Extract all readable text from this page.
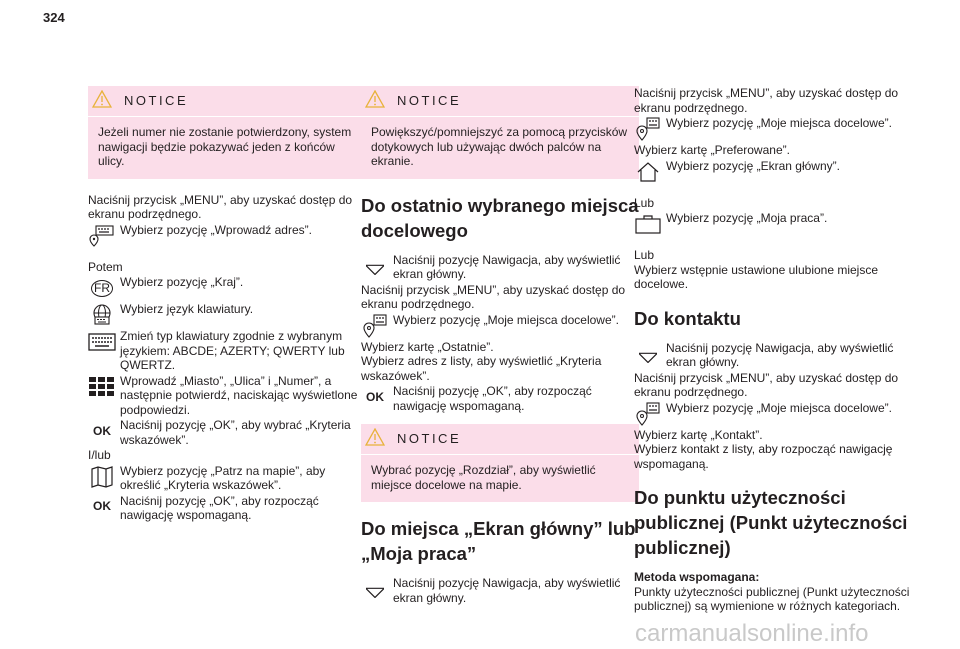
324
NOTICE
Jeżeli numer nie zostanie potwierdzony, system nawigacji będzie pokazywać jeden z końców ulicy.

Naciśnij przycisk „MENU”, aby uzyskać dostęp do ekranu podrzędnego.

Wybierz pozycję „Wprowadź adres”.

Potem

FR Wybierz pozycję „Kraj”.
Wybierz język klawiatury.
Zmień typ klawiatury zgodnie z wybranym językiem: ABCDE; AZERTY; QWERTY lub QWERTZ.
Wprowadź „Miasto”, „Ulica” i „Numer”, a następnie potwierdź, naciskając wyświetlone podpowiedzi.
OK Naciśnij pozycję „OK”, aby wybrać „Kryteria wskazówek”.

I/lub

Wybierz pozycję „Patrz na mapie”, aby określić „Kryteria wskazówek”.
OK Naciśnij pozycję „OK”, aby rozpocząć nawigację wspomaganą.
NOTICE
Powiększyć/pomniejszyć za pomocą przycisków dotykowych lub używając dwóch palców na ekranie.
Do ostatnio wybranego miejsca docelowego
Naciśnij pozycję Nawigacja, aby wyświetlić ekran główny.

Naciśnij przycisk „MENU”, aby uzyskać dostęp do ekranu podrzędnego.

Wybierz pozycję „Moje miejsca docelowe”.

Wybierz kartę „Ostatnie”.

Wybierz adres z listy, aby wyświetlić „Kryteria wskazówek”.

OK Naciśnij pozycję „OK”, aby rozpocząć nawigację wspomaganą.
NOTICE
Wybrać pozycję „Rozdział”, aby wyświetlić miejsce docelowe na mapie.
Do miejsca „Ekran główny” lub „Moja praca”
Naciśnij pozycję Nawigacja, aby wyświetlić ekran główny.

Naciśnij przycisk „MENU”, aby uzyskać dostęp do ekranu podrzędnego.

Wybierz pozycję „Moje miejsca docelowe”.

Wybierz kartę „Preferowane”.

Wybierz pozycję „Ekran główny”.

Lub

Wybierz pozycję „Moja praca”.

Lub

Wybierz wstępnie ustawione ulubione miejsce docelowe.

Do kontaktu
Naciśnij pozycję Nawigacja, aby wyświetlić ekran główny.

Naciśnij przycisk „MENU”, aby uzyskać dostęp do ekranu podrzędnego.

Wybierz pozycję „Moje miejsca docelowe”.

Wybierz kartę „Kontakt”.

Wybierz kontakt z listy, aby rozpocząć nawigację wspomaganą.

Do punktu użyteczności publicznej (Punkt użyteczności publicznej)

Metoda wspomagana:

Punkty użyteczności publicznej (Punkt użyteczności publicznej) są wymienione w różnych kategoriach.

carmanualsonline.info
